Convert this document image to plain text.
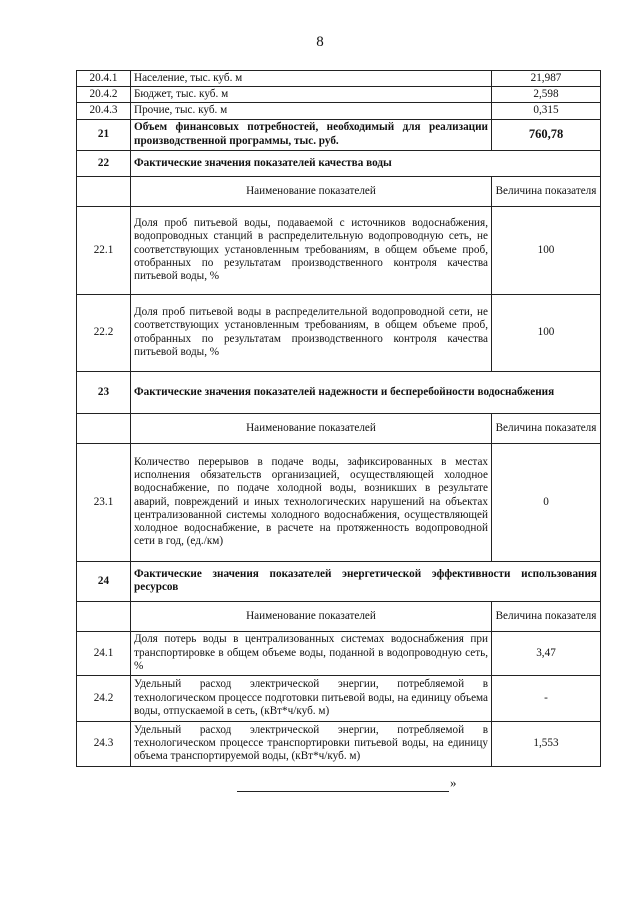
8
20.4.1	Население, тыс. куб. м	21,987
20.4.2	Бюджет, тыс. куб. м	2,598
20.4.3	Прочие, тыс. куб. м	0,315
21	Объем финансовых потребностей, необходимый для реализации производственной программы, тыс. руб.	760,78
22	Фактические значения показателей качества воды	
	Наименование показателей	Величина показателя
22.1	Доля проб питьевой воды, подаваемой с источников водоснабжения, водопроводных станций в распределительную водопроводную сеть, не соответствующих установленным требованиям, в общем объеме проб, отобранных по результатам производственного контроля качества питьевой воды, %	100
22.2	Доля проб питьевой воды в распределительной водопроводной сети, не соответствующих установленным требованиям, в общем объеме проб, отобранных по результатам производственного контроля качества питьевой воды, %	100
23	Фактические значения показателей надежности и бесперебойности водоснабжения	
	Наименование показателей	Величина показателя
23.1	Количество перерывов в подаче воды, зафиксированных в местах исполнения обязательств организацией, осуществляющей холодное водоснабжение, по подаче холодной воды, возникших в результате аварий, повреждений и иных технологических нарушений на объектах централизованной системы холодного водоснабжения, осуществляющей холодное водоснабжение, в расчете на протяженность водопроводной сети в год, (ед./км)	0
24	Фактические значения показателей энергетической эффективности использования ресурсов	
	Наименование показателей	Величина показателя
24.1	Доля потерь воды в централизованных системах водоснабжения при транспортировке в общем объеме воды, поданной в водопроводную сеть, %	3,47
24.2	Удельный расход электрической энергии, потребляемой в технологическом процессе подготовки питьевой воды, на единицу объема воды, отпускаемой в сеть, (кВт*ч/куб. м)	-
24.3	Удельный расход электрической энергии, потребляемой в технологическом процессе транспортировки питьевой воды, на единицу объема транспортируемой воды, (кВт*ч/куб. м)	1,553
»
